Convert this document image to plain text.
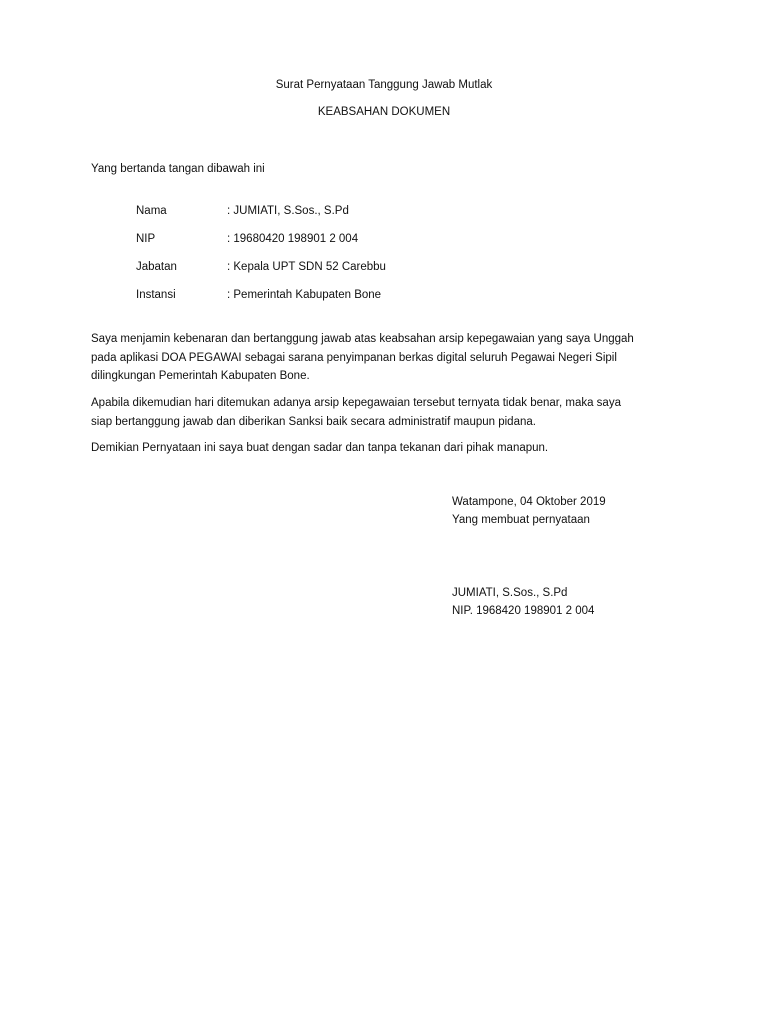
Surat Pernyataan Tanggung Jawab Mutlak
KEABSAHAN DOKUMEN
Yang bertanda tangan dibawah ini
Nama	: JUMIATI, S.Sos., S.Pd
NIP	: 19680420 198901 2 004
Jabatan	: Kepala UPT SDN 52 Carebbu
Instansi	: Pemerintah Kabupaten Bone
Saya menjamin kebenaran dan bertanggung jawab atas keabsahan arsip kepegawaian yang saya Unggah
pada aplikasi DOA PEGAWAI sebagai sarana penyimpanan berkas digital seluruh Pegawai Negeri Sipil
dilingkungan Pemerintah Kabupaten Bone.
Apabila dikemudian hari ditemukan adanya arsip kepegawaian tersebut ternyata tidak benar, maka saya
siap bertanggung jawab dan diberikan Sanksi baik secara administratif maupun pidana.
Demikian Pernyataan ini saya buat dengan sadar dan tanpa tekanan dari pihak manapun.
Watampone, 04 Oktober 2019
Yang membuat pernyataan
JUMIATI, S.Sos., S.Pd
NIP. 1968420 198901 2 004
